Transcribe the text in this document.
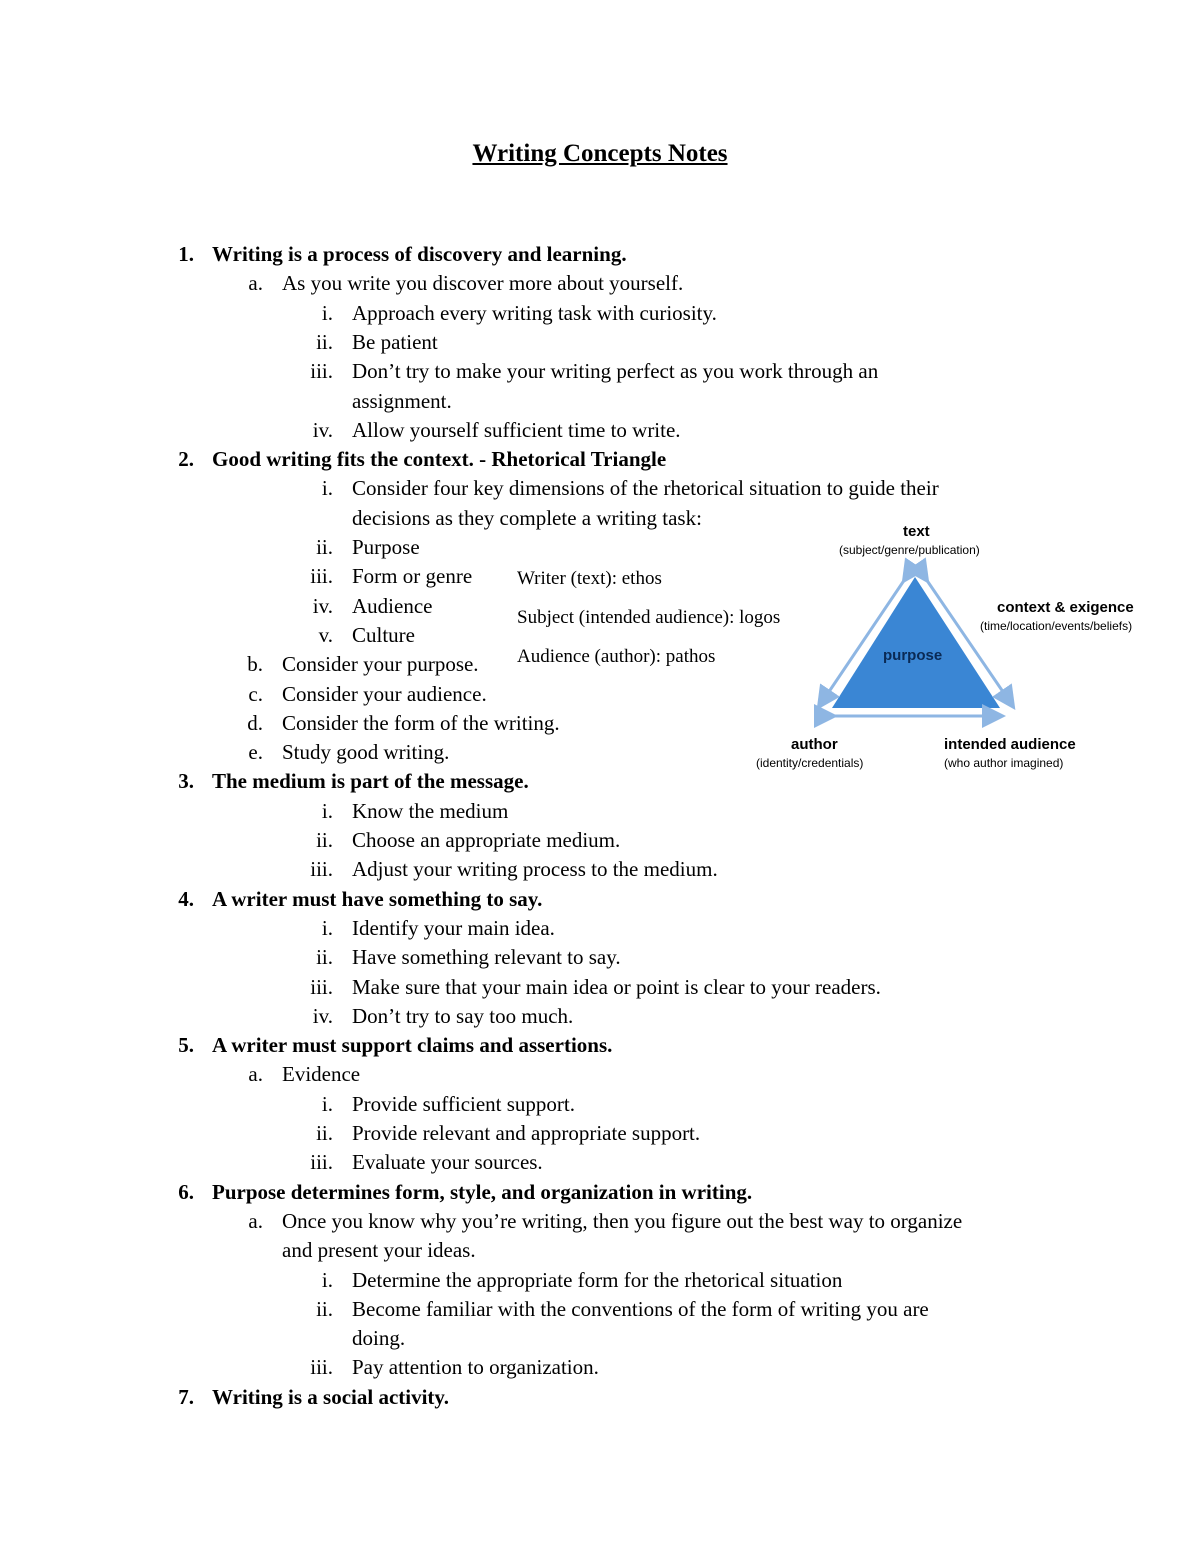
Writing Concepts Notes
1. Writing is a process of discovery and learning.
a. As you write you discover more about yourself.
i. Approach every writing task with curiosity.
ii. Be patient
iii. Don’t try to make your writing perfect as you work through an
assignment.
iv. Allow yourself sufficient time to write.
2. Good writing fits the context. - Rhetorical Triangle
i. Consider four key dimensions of the rhetorical situation to guide their
decisions as they complete a writing task:
ii. Purpose
iii. Form or genre
iv. Audience
v. Culture
b. Consider your purpose.
c. Consider your audience.
d. Consider the form of the writing.
e. Study good writing.
3. The medium is part of the message.
i. Know the medium
ii. Choose an appropriate medium.
iii. Adjust your writing process to the medium.
4. A writer must have something to say.
i. Identify your main idea.
ii. Have something relevant to say.
iii. Make sure that your main idea or point is clear to your readers.
iv. Don’t try to say too much.
5. A writer must support claims and assertions.
a. Evidence
i. Provide sufficient support.
ii. Provide relevant and appropriate support.
iii. Evaluate your sources.
6. Purpose determines form, style, and organization in writing.
a. Once you know why you’re writing, then you figure out the best way to organize
and present your ideas.
i. Determine the appropriate form for the rhetorical situation
ii. Become familiar with the conventions of the form of writing you are
doing.
iii. Pay attention to organization.
7. Writing is a social activity.
Writer (text): ethos
Subject (intended audience): logos
Audience (author): pathos
text
(subject/genre/publication)
context & exigence
(time/location/events/beliefs)
purpose
author
(identity/credentials)
intended audience
(who author imagined)
